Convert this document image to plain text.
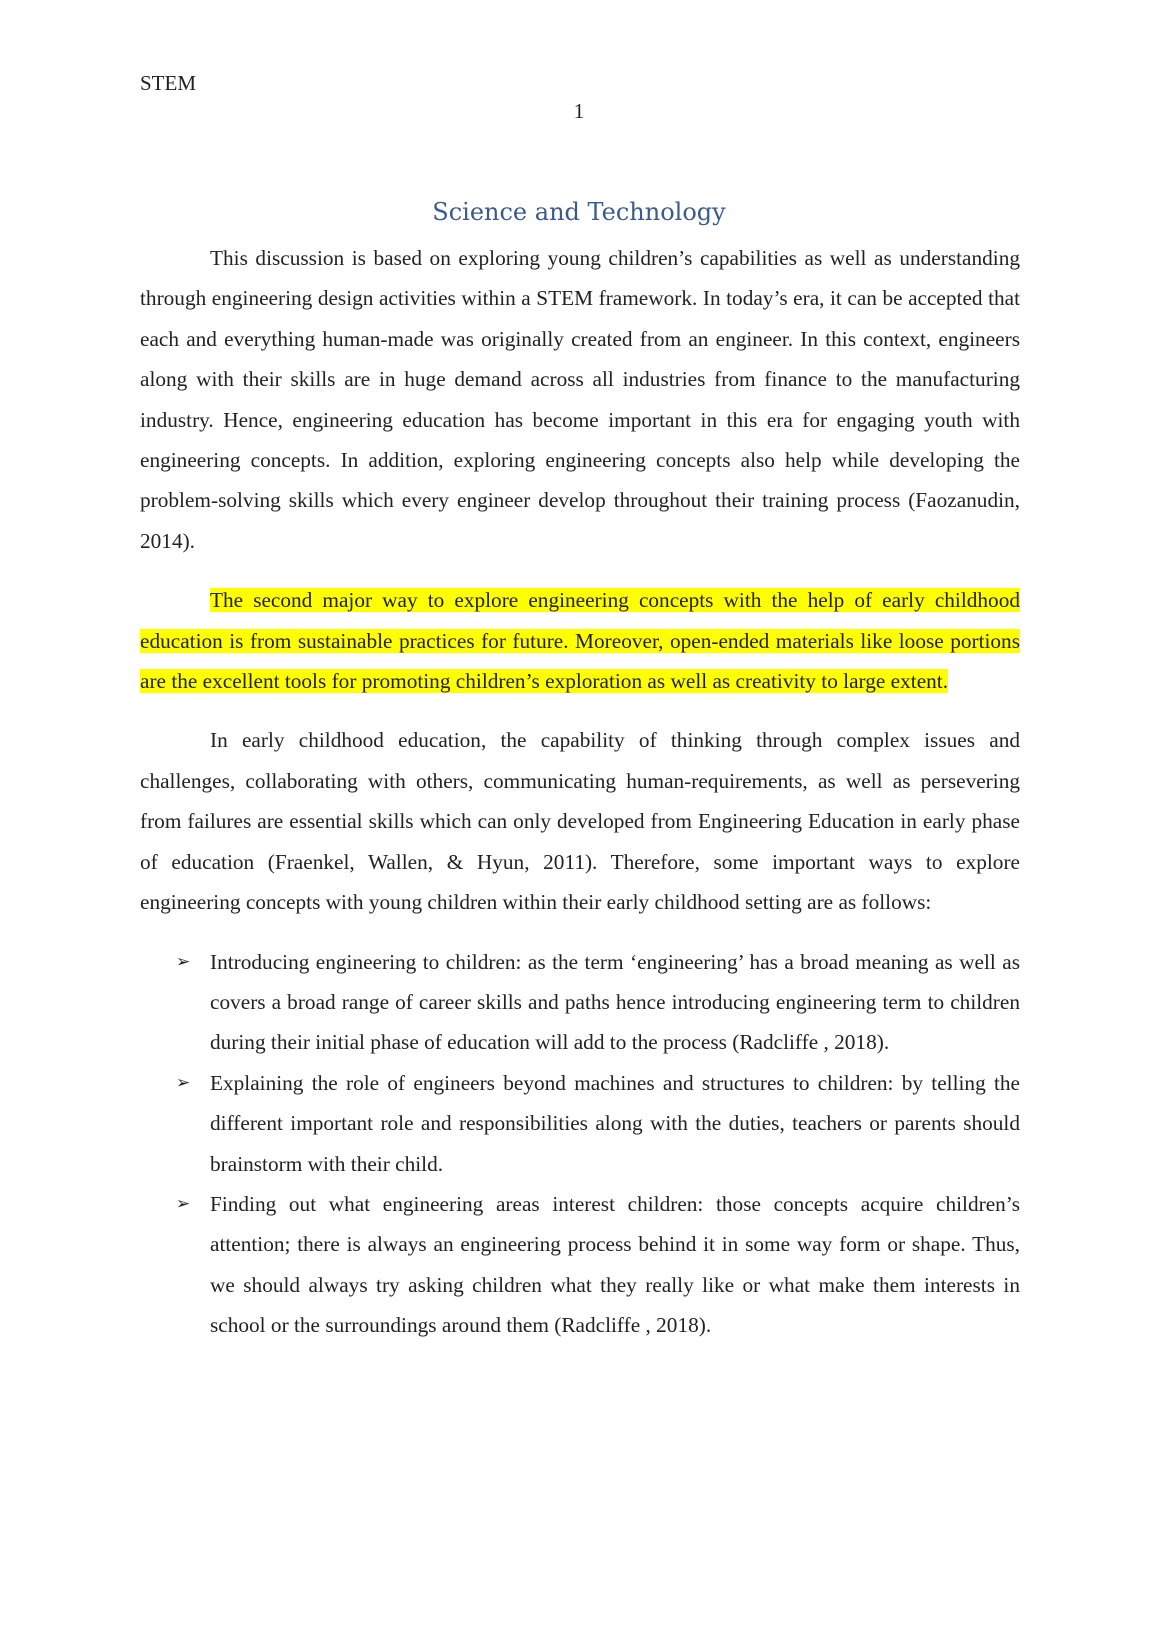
STEM
1
Science and Technology

This discussion is based on exploring young children’s capabilities as well as understanding through engineering design activities within a STEM framework. In today’s era, it can be accepted that each and everything human-made was originally created from an engineer. In this context, engineers along with their skills are in huge demand across all industries from finance to the manufacturing industry. Hence, engineering education has become important in this era for engaging youth with engineering concepts. In addition, exploring engineering concepts also help while developing the problem-solving skills which every engineer develop throughout their training process (Faozanudin, 2014).

The second major way to explore engineering concepts with the help of early childhood education is from sustainable practices for future. Moreover, open-ended materials like loose portions are the excellent tools for promoting children’s exploration as well as creativity to large extent.

In early childhood education, the capability of thinking through complex issues and challenges, collaborating with others, communicating human-requirements, as well as persevering from failures are essential skills which can only developed from Engineering Education in early phase of education (Fraenkel, Wallen, & Hyun, 2011). Therefore, some important ways to explore engineering concepts with young children within their early childhood setting are as follows:

➢ Introducing engineering to children: as the term ‘engineering’ has a broad meaning as well as covers a broad range of career skills and paths hence introducing engineering term to children during their initial phase of education will add to the process (Radcliffe , 2018).
➢ Explaining the role of engineers beyond machines and structures to children: by telling the different important role and responsibilities along with the duties, teachers or parents should brainstorm with their child.
➢ Finding out what engineering areas interest children: those concepts acquire children’s attention; there is always an engineering process behind it in some way form or shape. Thus, we should always try asking children what they really like or what make them interests in school or the surroundings around them (Radcliffe , 2018).
